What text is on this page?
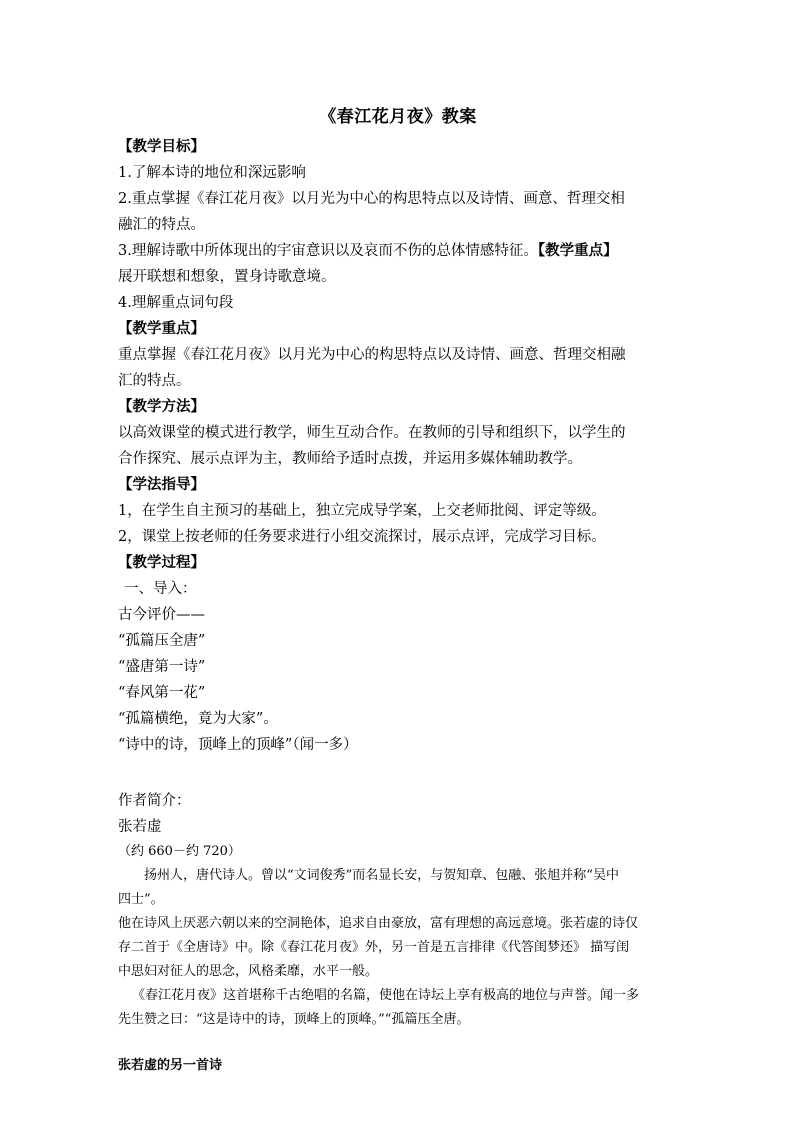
《春江花月夜》教案
【教学目标】
1.了解本诗的地位和深远影响
2.重点掌握《春江花月夜》以月光为中心的构思特点以及诗情、画意、哲理交相
融汇的特点。
3.理解诗歌中所体现出的宇宙意识以及哀而不伤的总体情感特征。【教学重点】
展开联想和想象，置身诗歌意境。
4.理解重点词句段
【教学重点】
重点掌握《春江花月夜》以月光为中心的构思特点以及诗情、画意、哲理交相融
汇的特点。
【教学方法】
以高效课堂的模式进行教学，师生互动合作。在教师的引导和组织下，以学生的
合作探究、展示点评为主，教师给予适时点拨，并运用多媒体辅助教学。
【学法指导】
1，在学生自主预习的基础上，独立完成导学案，上交老师批阅、评定等级。
2，课堂上按老师的任务要求进行小组交流探讨，展示点评，完成学习目标。
【教学过程】
一、导入：
古今评价——
“孤篇压全唐”
“盛唐第一诗”
“春风第一花”
“孤篇横绝，竟为大家”。
“诗中的诗，顶峰上的顶峰”（闻一多）
作者简介：
张若虚
（约 660－约 720）
扬州人，唐代诗人。曾以“文词俊秀”而名显长安，与贺知章、包融、张旭并称“吴中
四士”。
他在诗风上厌恶六朝以来的空洞艳体，追求自由豪放，富有理想的高远意境。张若虚的诗仅
存二首于《全唐诗》中。除《春江花月夜》外，另一首是五言排律《代答闺梦还》 描写闺
中思妇对征人的思念，风格柔靡，水平一般。
《春江花月夜》这首堪称千古绝唱的名篇，使他在诗坛上享有极高的地位与声誉。闻一多
先生赞之曰：“这是诗中的诗，顶峰上的顶峰。”“孤篇压全唐。
张若虚的另一首诗
